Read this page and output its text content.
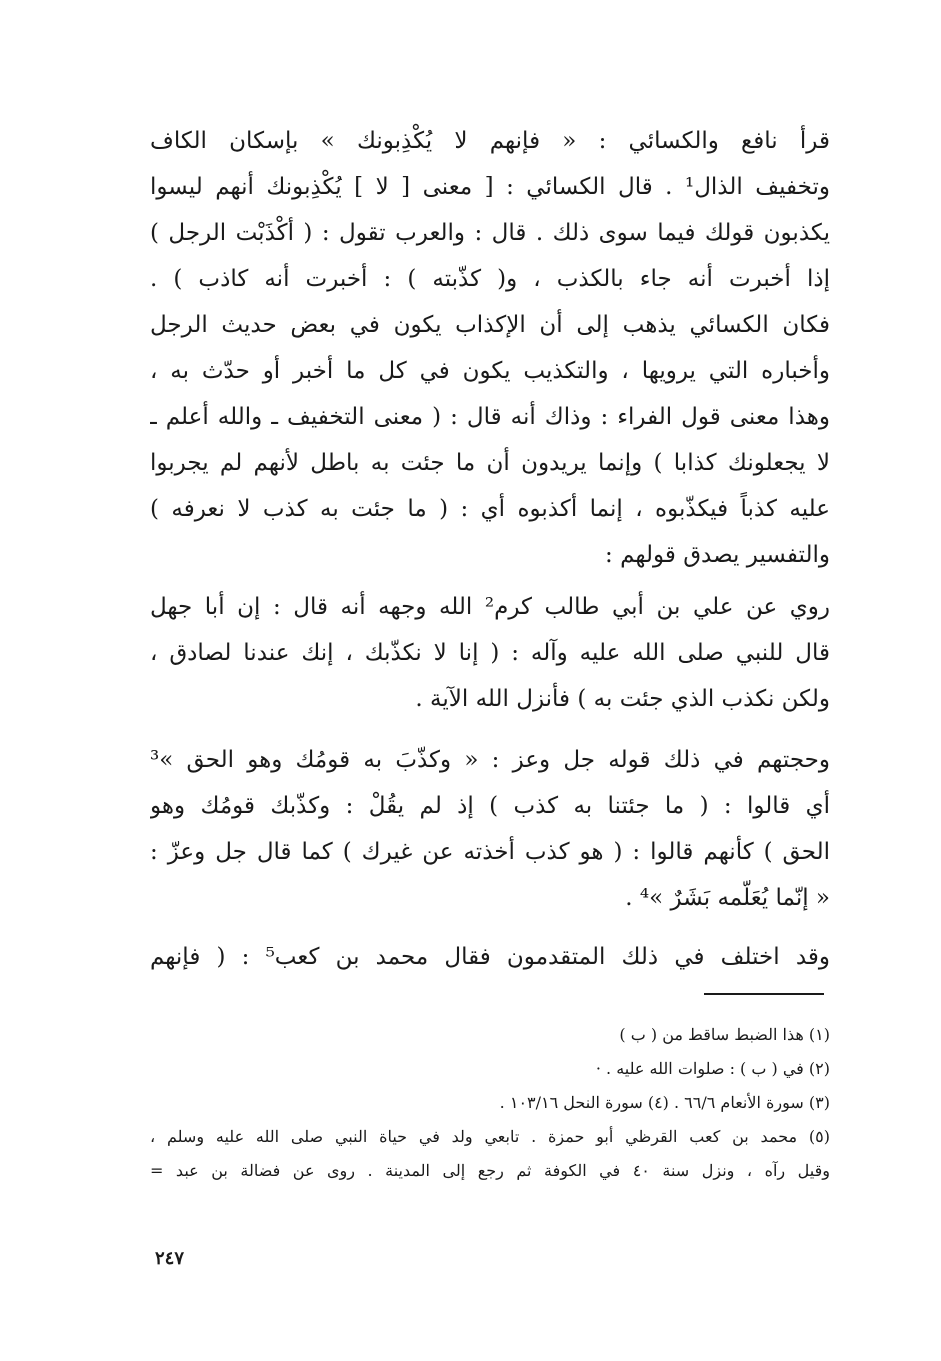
قرأ نافع والكسائي : « فإنهم لا يُكْذِبونك » بإسكان الكاف
وتخفيف الذال¹ . قال الكسائي : [ معنى [ لا ] يُكْذِبونك أنهم ليسوا
يكذبون قولك فيما سوى ذلك . قال : والعرب تقول : ( أكْذَبْت الرجل )
إذا أخبرت أنه جاء بالكذب ، و( كذّبته ) : أخبرت أنه كاذب ) .
فكان الكسائي يذهب إلى أن الإكذاب يكون في بعض حديث الرجل
وأخباره التي يرويها ، والتكذيب يكون في كل ما أخبر أو حدّث به ،
وهذا معنى قول الفراء : وذاك أنه قال : ( معنى التخفيف ـ والله أعلم ـ
لا يجعلونك كذابا ) وإنما يريدون أن ما جئت به باطل لأنهم لم يجربوا
عليه كذباً فيكذّبوه ، إنما أكذبوه أي : ( ما جئت به كذب لا نعرفه )
والتفسير يصدق قولهم :
روي عن علي بن أبي طالب كرم² الله وجهه أنه قال : إن أبا جهل
قال للنبي صلى الله عليه وآله : ( إنا لا نكذّبك ، إنك عندنا لصادق ،
ولكن نكذب الذي جئت به ) فأنزل الله الآية .
وحجتهم في ذلك قوله جل وعز : « وكذّبَ به قومُك وهو الحق »³
أي قالوا : ( ما جئتنا به كذب ) إذ لم يقُلْ : وكذّبك قومُك وهو
الحق ) كأنهم قالوا : ( هو كذب أخذته عن غيرك ) كما قال جل وعزّ :
« إنّما يُعَلّمه بَشَرٌ »⁴ .
وقد اختلف في ذلك المتقدمون فقال محمد بن كعب⁵ : ( فإنهم
(١) هذا الضبط ساقط من ( ب )
(٢) في ( ب ) : صلوات الله عليه . ·
(٣) سورة الأنعام ٦٦/٦ . (٤) سورة النحل ١٠٣/١٦ .
(٥) محمد بن كعب القرظي أبو حمزة . تابعي ولد في حياة النبي صلى الله عليه وسلم ،
وقيل رآه ، ونزل سنة ٤٠ في الكوفة ثم رجع إلى المدينة . روى عن فضالة بن عبد =
٢٤٧
